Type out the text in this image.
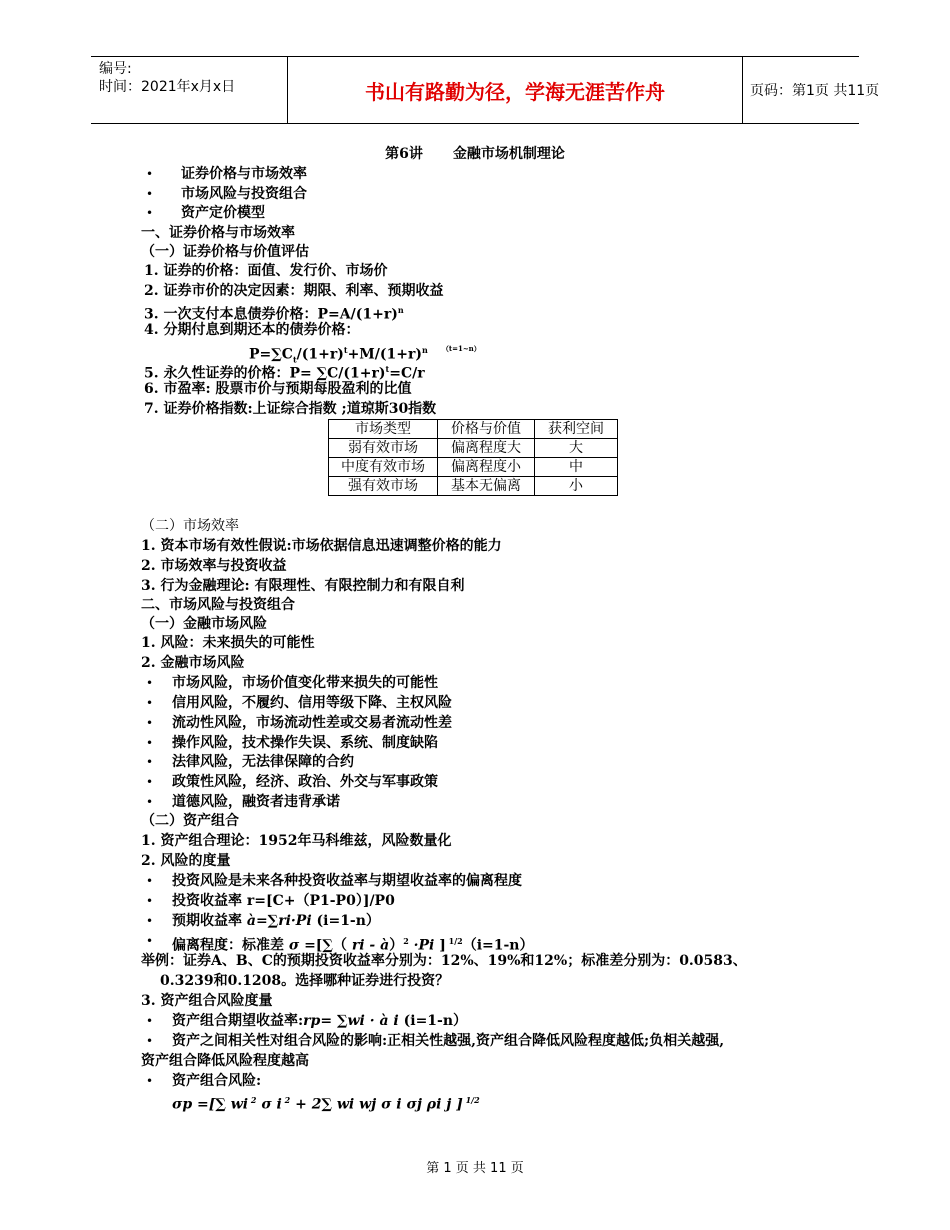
编号:
时间：2021年x月x日	书山有路勤为径，学海无涯苦作舟	页码：第1页 共11页
第6讲 金融市场机制理论
• 证券价格与市场效率
• 市场风险与投资组合
• 资产定价模型
一、证券价格与市场效率
（一）证券价格与价值评估
1. 证券的价格：面值、发行价、市场价
2. 证券市价的决定因素：期限、利率、预期收益
3. 一次支付本息债券价格：$P=A/(1+r)^n$
4. 分期付息到期还本的债券价格：
$P=\sum C_t/(1+r)^t+M/(1+r)^n$ $^{(t=1\sim n)}$
5. 永久性证券的价格：$P= \sum C/(1+r)^t=C/r$
6. 市盈率: 股票市价与预期每股盈利的比值
7. 证券价格指数:上证综合指数 ;道琼斯30指数
市场类型	价格与价值	获利空间
弱有效市场	偏离程度大	大
中度有效市场	偏离程度小	中
强有效市场	基本无偏离	小
（二）市场效率
1. 资本市场有效性假说:市场依据信息迅速调整价格的能力
2. 市场效率与投资收益
3. 行为金融理论: 有限理性、有限控制力和有限自利
二、市场风险与投资组合
（一）金融市场风险
1. 风险：未来损失的可能性
2. 金融市场风险
• 市场风险，市场价值变化带来损失的可能性
• 信用风险，不履约、信用等级下降、主权风险
• 流动性风险，市场流动性差或交易者流动性差
• 操作风险，技术操作失误、系统、制度缺陷
• 法律风险，无法律保障的合约
• 政策性风险，经济、政治、外交与军事政策
• 道德风险，融资者违背承诺
（二）资产组合
1. 资产组合理论：1952年马科维兹，风险数量化
2. 风险的度量
• 投资风险是未来各种投资收益率与期望收益率的偏离程度
• 投资收益率 r=[C+（P1-P0）]/P0
• 预期收益率 à=∑ri·Pi (i=1-n）
• 偏离程度：标准差 σ =[∑（ ri - à）$^2$ ·Pi ] $^{1/2}$（i=1-n）
举例：证券A、B、C的预期投资收益率分别为：12%、19%和12%；标准差分别为：0.0583、
0.3239和0.1208。选择哪种证券进行投资？
3. 资产组合风险度量
• 资产组合期望收益率:rp= ∑wi · à i (i=1-n）
• 资产之间相关性对组合风险的影响:正相关性越强,资产组合降低风险程度越低;负相关越强,
资产组合降低风险程度越高
• 资产组合风险:
σp =[∑ wi $^2$ σ i $^2$ + 2∑ wi wj σ i σj ρi j ] $^{1/2}$
第 1 页 共 11 页
